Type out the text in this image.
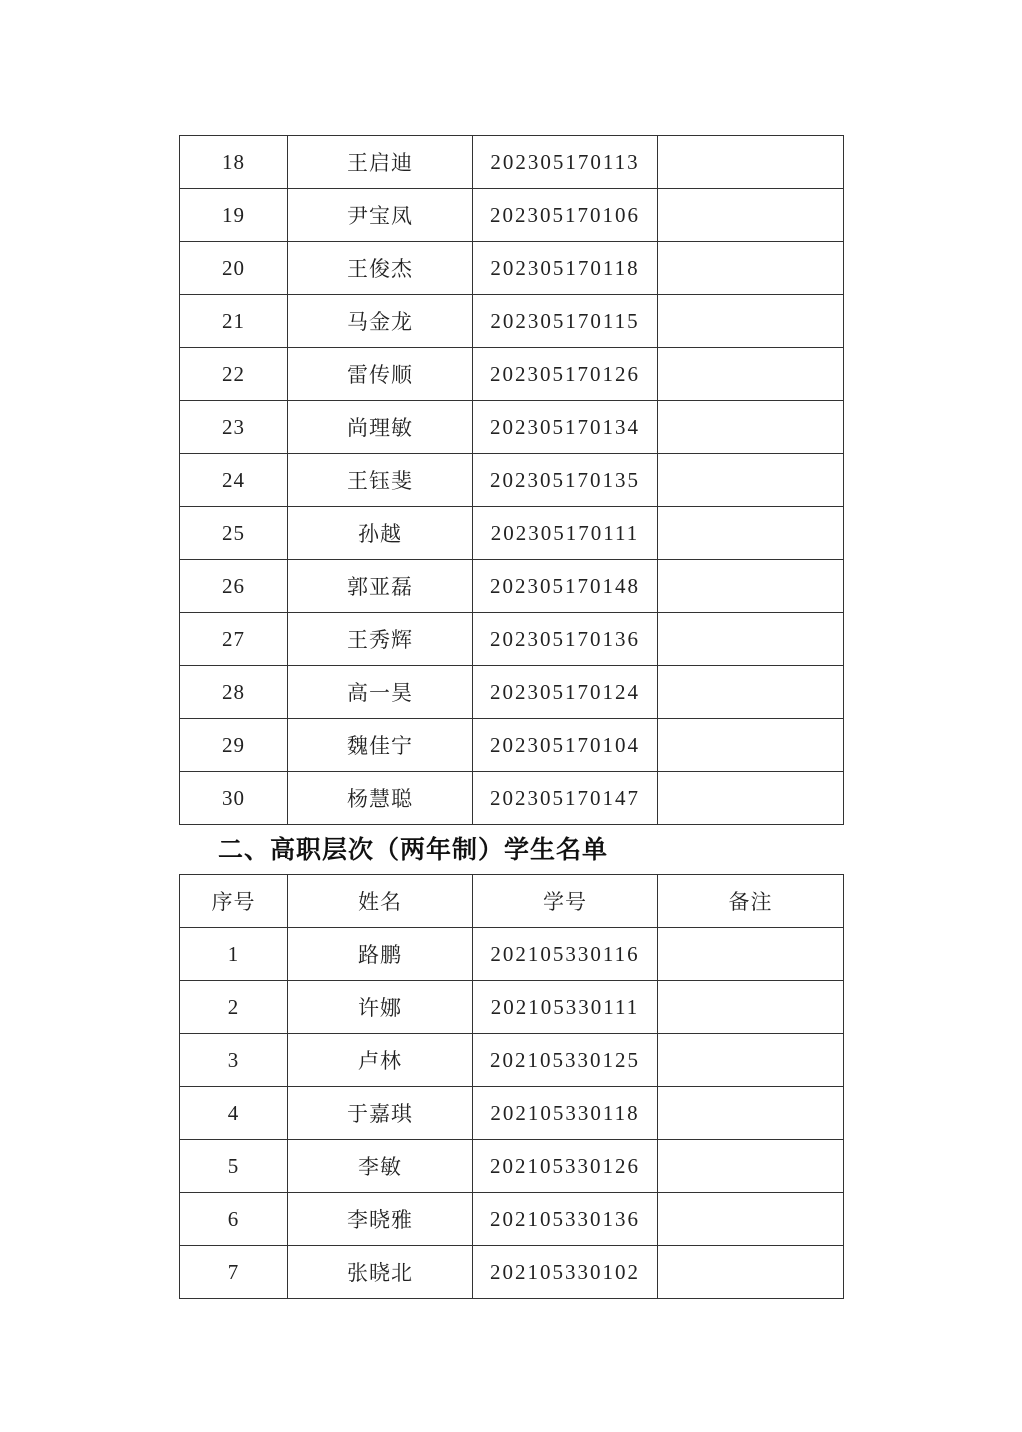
18	王启迪	202305170113	
19	尹宝凤	202305170106	
20	王俊杰	202305170118	
21	马金龙	202305170115	
22	雷传顺	202305170126	
23	尚理敏	202305170134	
24	王钰斐	202305170135	
25	孙越	202305170111	
26	郭亚磊	202305170148	
27	王秀辉	202305170136	
28	高一昊	202305170124	
29	魏佳宁	202305170104	
30	杨慧聪	202305170147	
二、高职层次（两年制）学生名单
序号	姓名	学号	备注
1	路鹏	202105330116	
2	许娜	202105330111	
3	卢林	202105330125	
4	于嘉琪	202105330118	
5	李敏	202105330126	
6	李晓雅	202105330136	
7	张晓北	202105330102	
